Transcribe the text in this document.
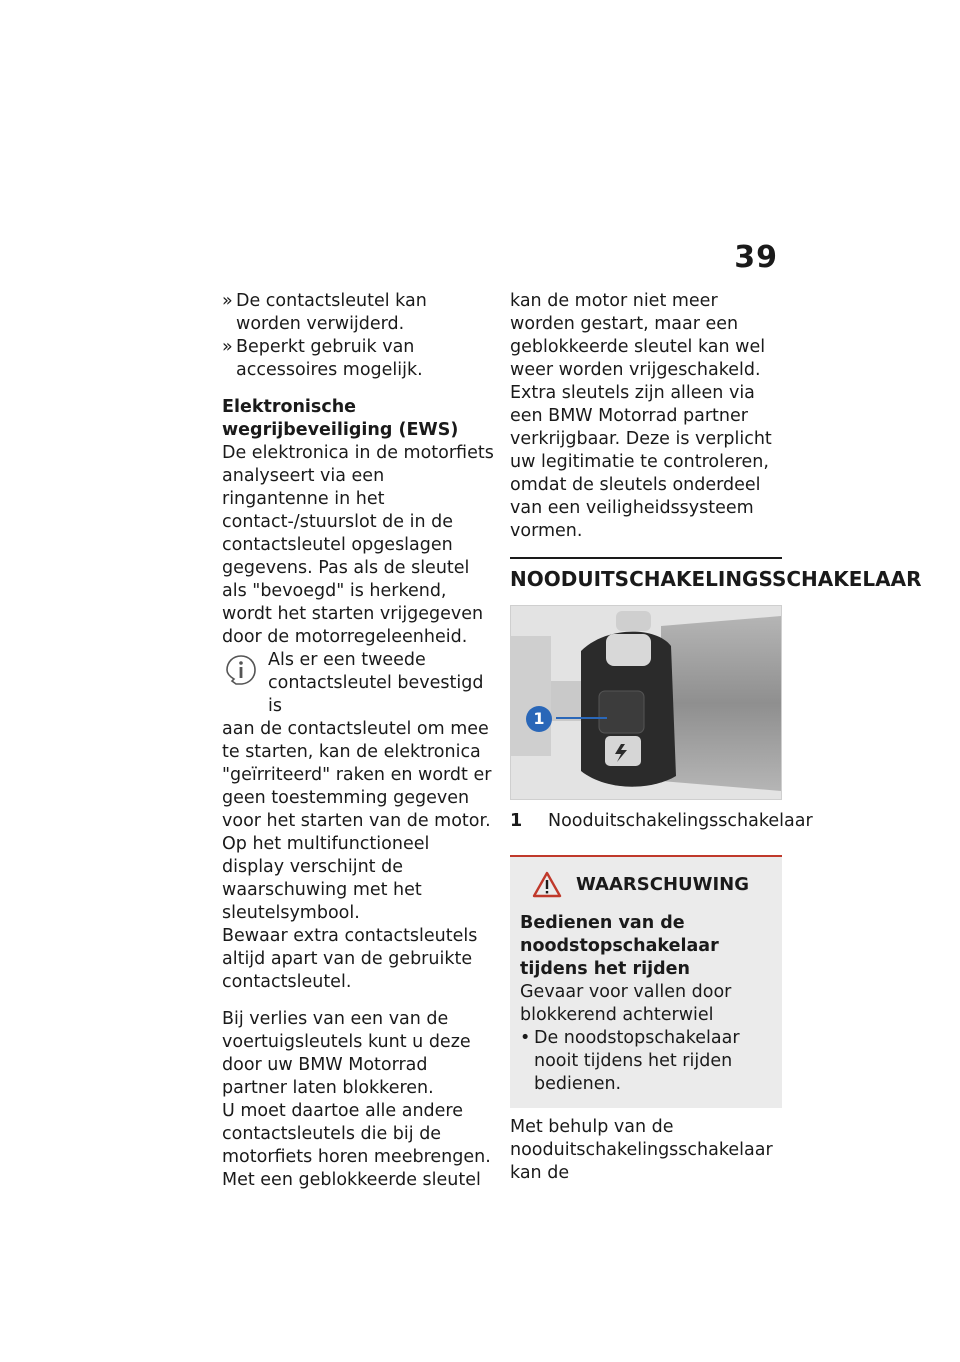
39
» De contactsleutel kan worden verwijderd.

» Beperkt gebruik van accessoires mogelijk.

Elektronische

wegrijbeveiliging (EWS)

De elektronica in de motorfiets analyseert via een ringantenne in het contact-/stuurslot de in de contactsleutel opgeslagen gegevens. Pas als de sleutel als "bevoegd" is herkend, wordt het starten vrijgegeven door de motorregeleenheid.

Als er een tweede contactsleutel bevestigd is

aan de contactsleutel om mee te starten, kan de elektronica "geïrriteerd" raken en wordt er geen toestemming gegeven voor het starten van de motor.

Op het multifunctioneel display verschijnt de waarschuwing met het sleutelsymbool.

Bewaar extra contactsleutels altijd apart van de gebruikte contactsleutel.

Bij verlies van een van de voertuigsleutels kunt u deze door uw BMW Motorrad partner laten blokkeren.

U moet daartoe alle andere contactsleutels die bij de motorfiets horen meebrengen.

Met een geblokkeerde sleutel

kan de motor niet meer worden gestart, maar een geblokkeerde sleutel kan wel weer worden vrijgeschakeld.

Extra sleutels zijn alleen via een BMW Motorrad partner verkrijgbaar. Deze is verplicht uw legitimatie te controleren, omdat de sleutels onderdeel van een veiligheidssysteem vormen.

NOODUITSCHAKELINGSSCHAKELAAR
1
1	Nooduitschakelingsschakelaar
WAARSCHUWING

Bedienen van de noodstopschakelaar tijdens het rijden

Gevaar voor vallen door blokkerend achterwiel

• De noodstopschakelaar nooit tijdens het rijden bedienen.

Met behulp van de nooduitschakelingsschakelaar kan de
